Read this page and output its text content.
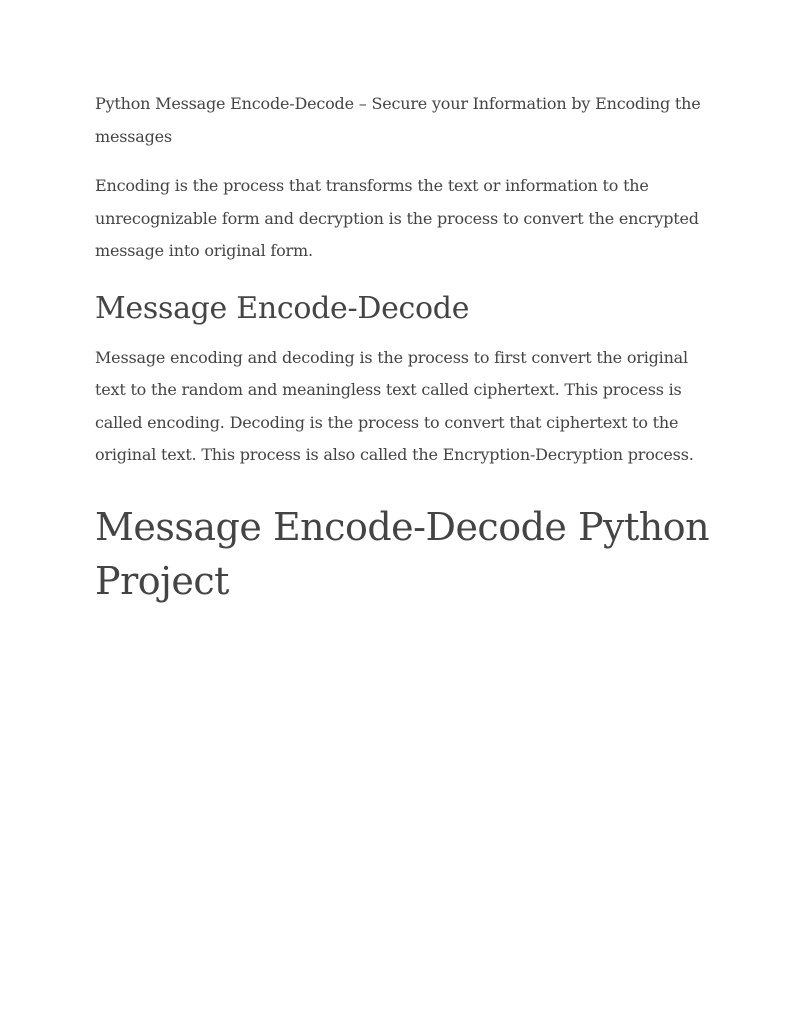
Python Message Encode-Decode – Secure your Information by Encoding the messages

Encoding is the process that transforms the text or information to the unrecognizable form and decryption is the process to convert the encrypted message into original form.

Message Encode-Decode

Message encoding and decoding is the process to first convert the original text to the random and meaningless text called ciphertext. This process is called encoding. Decoding is the process to convert that ciphertext to the original text. This process is also called the Encryption-Decryption process.

Message Encode-Decode Python Project
